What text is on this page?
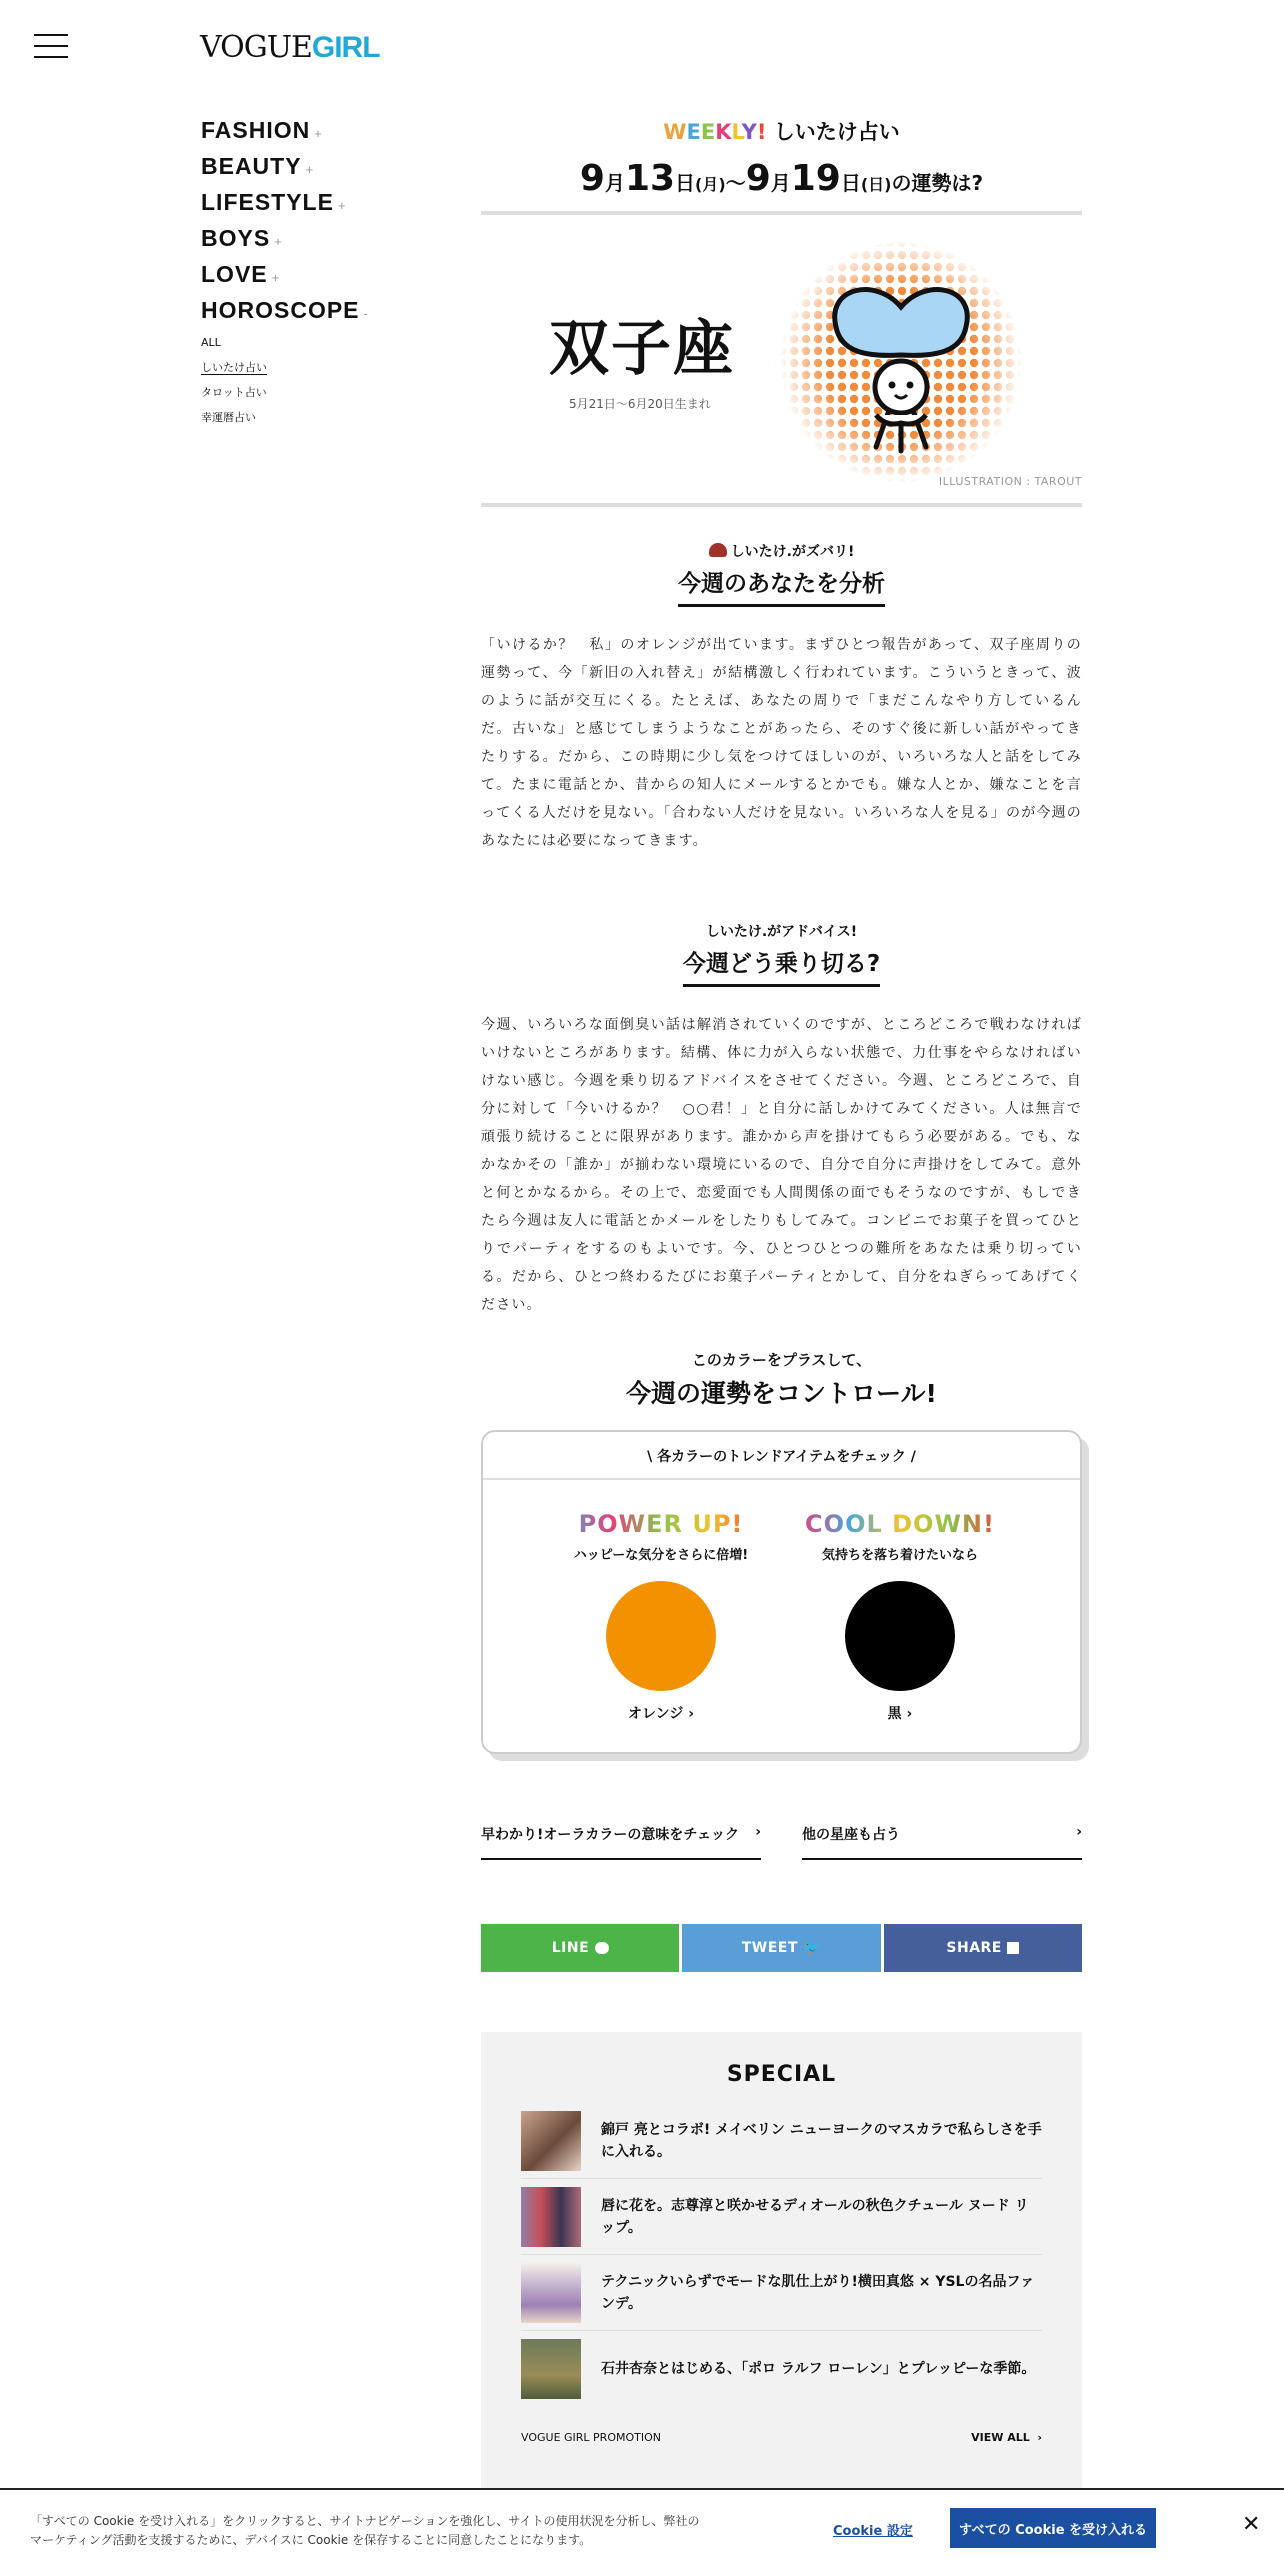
VOGUEGIRL
FASHION +
BEAUTY +
LIFESTYLE +
BOYS +
LOVE +
HOROSCOPE -
ALL
しいたけ占い
タロット占い
幸運暦占い
WEEKLY! しいたけ占い
9月13日(月)〜9月19日(日)の運勢は?
双子座
5月21日〜6月20日生まれ
ILLUSTRATION : TAROUT
しいたけ.がズバリ!
今週のあなたを分析

「いけるか？　私」のオレンジが出ています。まずひとつ報告があって、双子座周りの運勢って、今「新旧の入れ替え」が結構激しく行われています。こういうときって、波のように話が交互にくる。たとえば、あなたの周りで「まだこんなやり方しているんだ。古いな」と感じてしまうようなことがあったら、そのすぐ後に新しい話がやってきたりする。だから、この時期に少し気をつけてほしいのが、いろいろな人と話をしてみて。たまに電話とか、昔からの知人にメールするとかでも。嫌な人とか、嫌なことを言ってくる人だけを見ない。「合わない人だけを見ない。いろいろな人を見る」のが今週のあなたには必要になってきます。

しいたけ.がアドバイス!
今週どう乗り切る?

今週、いろいろな面倒臭い話は解消されていくのですが、ところどころで戦わなければいけないところがあります。結構、体に力が入らない状態で、力仕事をやらなければいけない感じ。今週を乗り切るアドバイスをさせてください。今週、ところどころで、自分に対して「今いけるか？　○○君！」と自分に話しかけてみてください。人は無言で頑張り続けることに限界があります。誰かから声を掛けてもらう必要がある。でも、なかなかその「誰か」が揃わない環境にいるので、自分で自分に声掛けをしてみて。意外と何とかなるから。その上で、恋愛面でも人間関係の面でもそうなのですが、もしできたら今週は友人に電話とかメールをしたりもしてみて。コンビニでお菓子を買ってひとりでパーティをするのもよいです。今、ひとつひとつの難所をあなたは乗り切っている。だから、ひとつ終わるたびにお菓子パーティとかして、自分をねぎらってあげてください。

このカラーをプラスして、
今週の運勢をコントロール!
\ 各カラーのトレンドアイテムをチェック /
POWER UP!
ハッピーな気分をさらに倍増!
オレンジ ›
COOL DOWN!
気持ちを落ち着けたいなら
黒 ›
早わかり!オーラカラーの意味をチェック ›	他の星座も占う	›
LINE
	TWEET
🐦	SHARE

SPECIAL
錦戸 亮とコラボ! メイベリン ニューヨークのマスカラで私らしさを手に入れる。
唇に花を。志尊淳と咲かせるディオールの秋色クチュール ヌード リップ。
テクニックいらずでモードな肌仕上がり!横田真悠 × YSLの名品ファンデ。
石井杏奈とはじめる、「ポロ ラルフ ローレン」とプレッピーな季節。
VOGUE GIRL PROMOTION	VIEW ALL ›
「すべての Cookie を受け入れる」をクリックすると、サイトナビゲーションを強化し、サイトの使用状況を分析し、弊社のマーケティング活動を支援するために、デバイスに Cookie を保存することに同意したことになります。
Cookie 設定	すべての Cookie を受け入れる	✕
